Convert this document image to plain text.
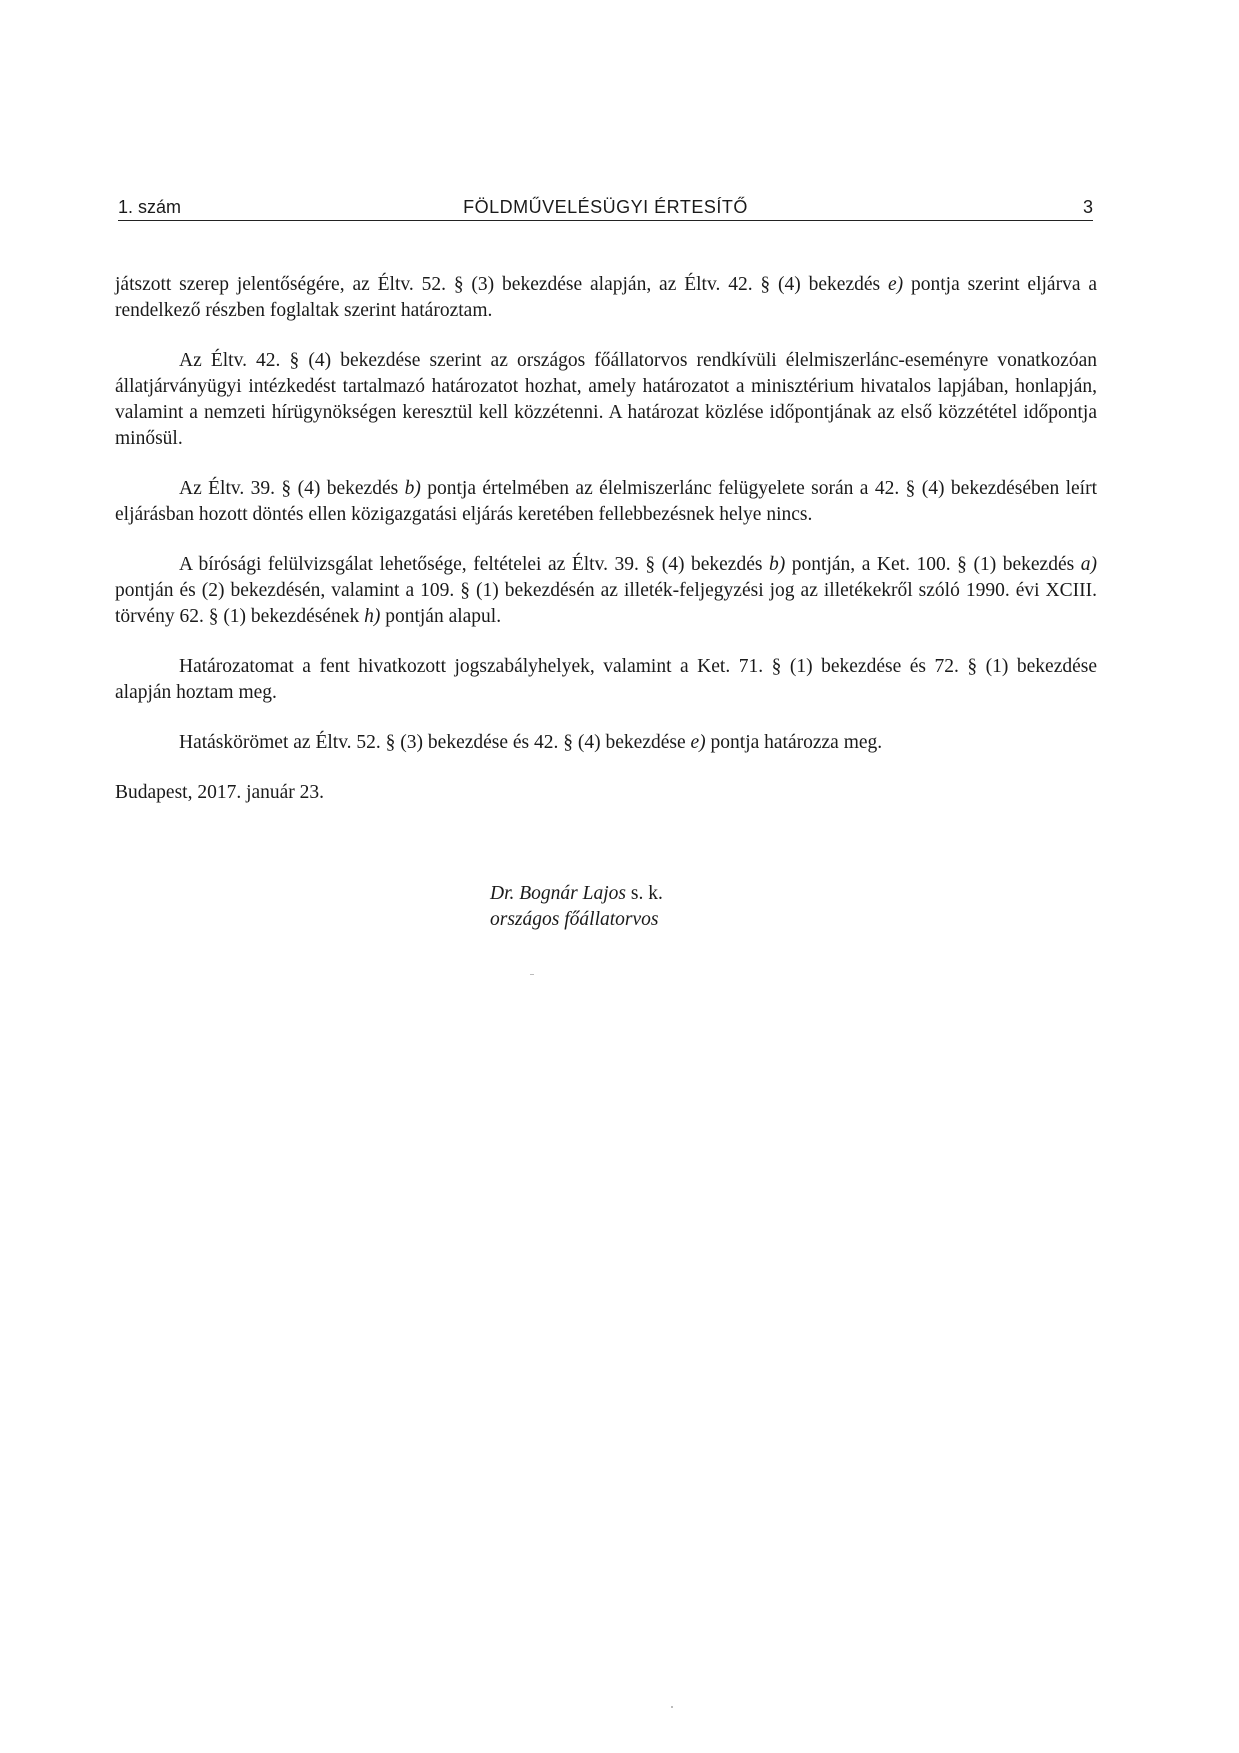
1. szám	FÖLDMŰVELÉSÜGYI ÉRTESÍTŐ	3

játszott szerep jelentőségére, az Éltv. 52. § (3) bekezdése alapján, az Éltv. 42. § (4) bekezdés e) pontja szerint eljárva a rendelkező részben foglaltak szerint határoztam.

Az Éltv. 42. § (4) bekezdése szerint az országos főállatorvos rendkívüli élelmiszerlánc-eseményre vonatkozóan állatjárványügyi intézkedést tartalmazó határozatot hozhat, amely határozatot a minisztérium hivatalos lapjában, honlapján, valamint a nemzeti hírügynökségen keresztül kell közzétenni. A határozat közlése időpontjának az első közzététel időpontja minősül.

Az Éltv. 39. § (4) bekezdés b) pontja értelmében az élelmiszerlánc felügyelete során a 42. § (4) bekezdésében leírt eljárásban hozott döntés ellen közigazgatási eljárás keretében fellebbezésnek helye nincs.

A bírósági felülvizsgálat lehetősége, feltételei az Éltv. 39. § (4) bekezdés b) pontján, a Ket. 100. § (1) bekezdés a) pontján és (2) bekezdésén, valamint a 109. § (1) bekezdésén az illeték-feljegyzési jog az illetékekről szóló 1990. évi XCIII. törvény 62. § (1) bekezdésének h) pontján alapul.

Határozatomat a fent hivatkozott jogszabályhelyek, valamint a Ket. 71. § (1) bekezdése és 72. § (1) bekezdése alapján hoztam meg.

Hatáskörömet az Éltv. 52. § (3) bekezdése és 42. § (4) bekezdése e) pontja határozza meg.

Budapest, 2017. január 23.

Dr. Bognár Lajos s. k.
országos főállatorvos
